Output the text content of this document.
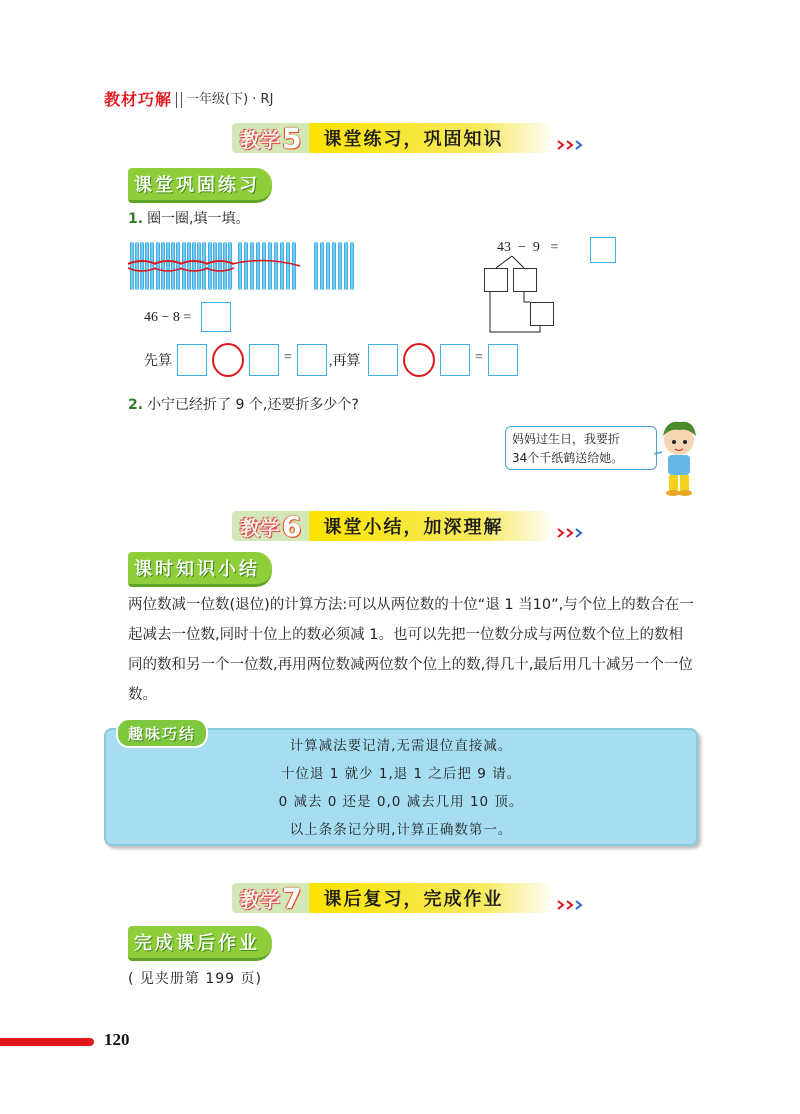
教材巧解 一年级(下) · RJ
教学 5	课堂练习，巩固知识
课堂巩固练习
1. 圈一圈,填一填。
46 − 8 =
43  −  9   =
先算	=	,再算	=
2. 小宁已经折了 9 个,还要折多少个?
妈妈过生日，我要折
34个千纸鹤送给她。
教学 6	课堂小结，加深理解
课时知识小结
两位数减一位数(退位)的计算方法:可以从两位数的十位“退 1 当10”,与个位上的数合在一起减去一位数,同时十位上的数必须减 1。也可以先把一位数分成与两位数个位上的数相同的数和另一个一位数,再用两位数减两位数个位上的数,得几十,最后用几十减另一个一位数。
趣味巧结
计算减法要记清,无需退位直接减。
十位退 1 就少 1,退 1 之后把 9 请。
0 减去 0 还是 0,0 减去几用 10 顶。
以上条条记分明,计算正确数第一。
教学 7	课后复习，完成作业
完成课后作业
( 见夹册第 199 页)
120
